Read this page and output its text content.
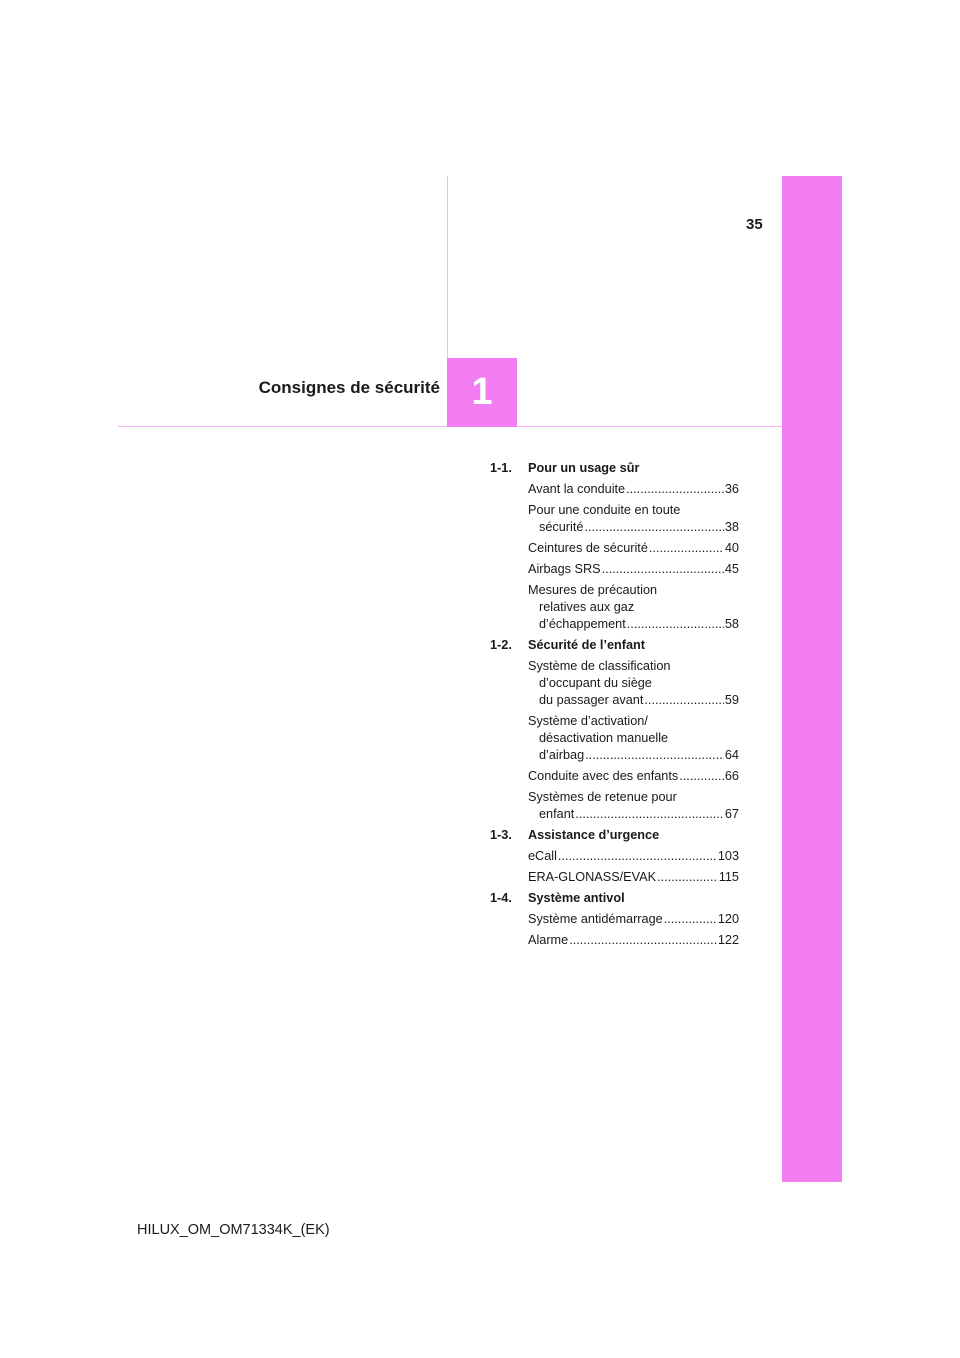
35
Consignes de sécurité 1
1-1.	Pour un usage sûr
Avant la conduite .....	36
Pour une conduite en toute
sécurité .....	38
Ceintures de sécurité .....	40
Airbags SRS .....	45
Mesures de précaution
relatives aux gaz
d’échappement .....	58
1-2.	Sécurité de l’enfant
Système de classification
d’occupant du siège
du passager avant .....	59
Système d’activation/
désactivation manuelle
d’airbag .....	64
Conduite avec des enfants .....	66
Systèmes de retenue pour
enfant .....	67
1-3.	Assistance d’urgence
eCall .....	103
ERA-GLONASS/EVAK .....	115
1-4.	Système antivol
Système antidémarrage .....	120
Alarme .....	122
HILUX_OM_OM71334K_(EK)
